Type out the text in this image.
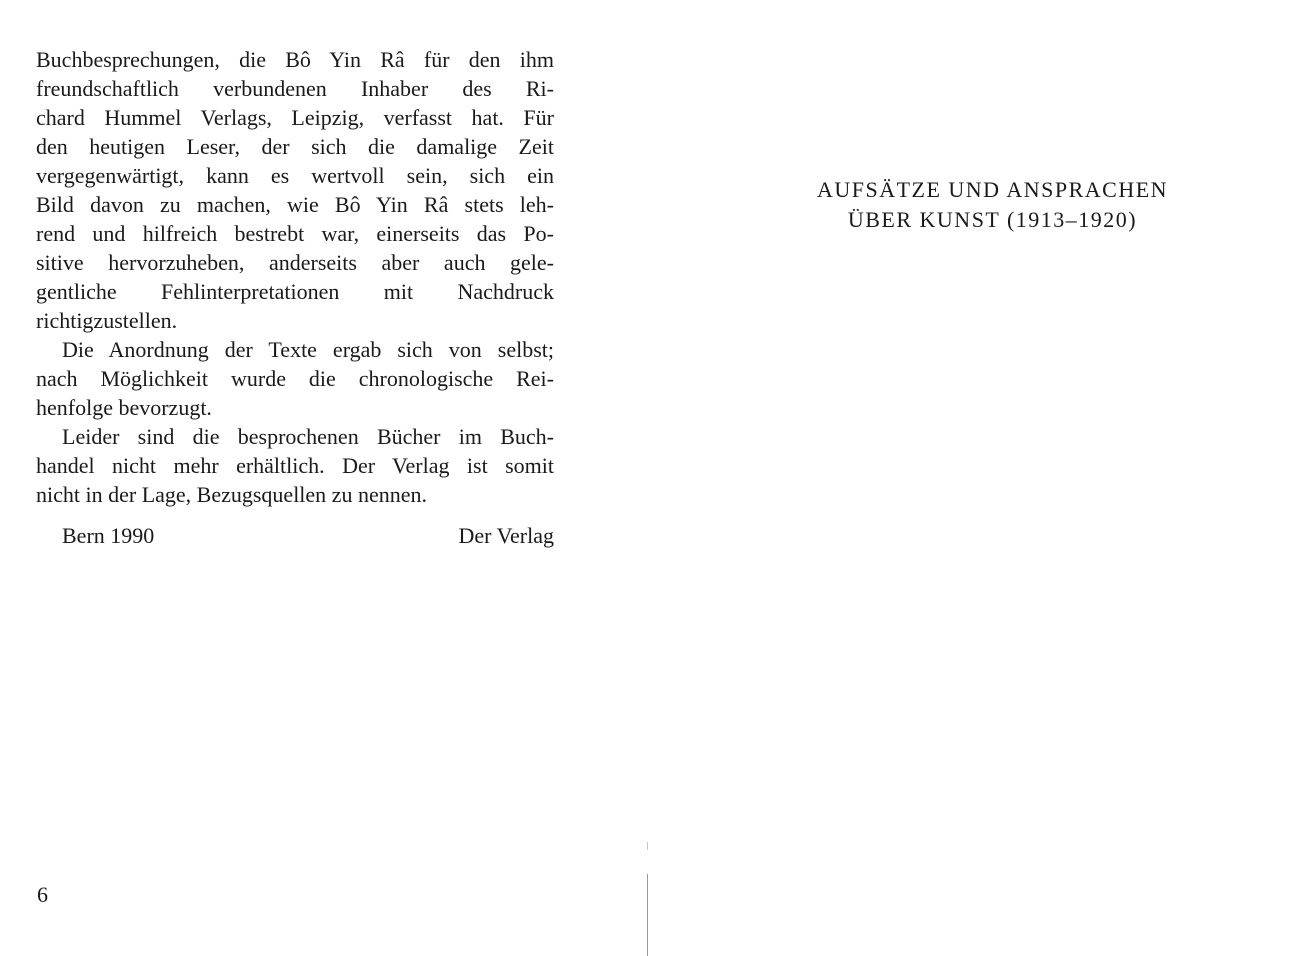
Buchbesprechungen, die Bô Yin Râ für den ihm
freundschaftlich verbundenen Inhaber des Ri-
chard Hummel Verlags, Leipzig, verfasst hat. Für
den heutigen Leser, der sich die damalige Zeit
vergegenwärtigt, kann es wertvoll sein, sich ein
Bild davon zu machen, wie Bô Yin Râ stets leh-
rend und hilfreich bestrebt war, einerseits das Po-
sitive hervorzuheben, anderseits aber auch gele-
gentliche Fehlinterpretationen mit Nachdruck
richtigzustellen.
Die Anordnung der Texte ergab sich von selbst;
nach Möglichkeit wurde die chronologische Rei-
henfolge bevorzugt.
Leider sind die besprochenen Bücher im Buch-
handel nicht mehr erhältlich. Der Verlag ist somit
nicht in der Lage, Bezugsquellen zu nennen.
Bern 1990	Der Verlag
6
AUFSÄTZE UND ANSPRACHEN
ÜBER KUNST (1913–1920)
